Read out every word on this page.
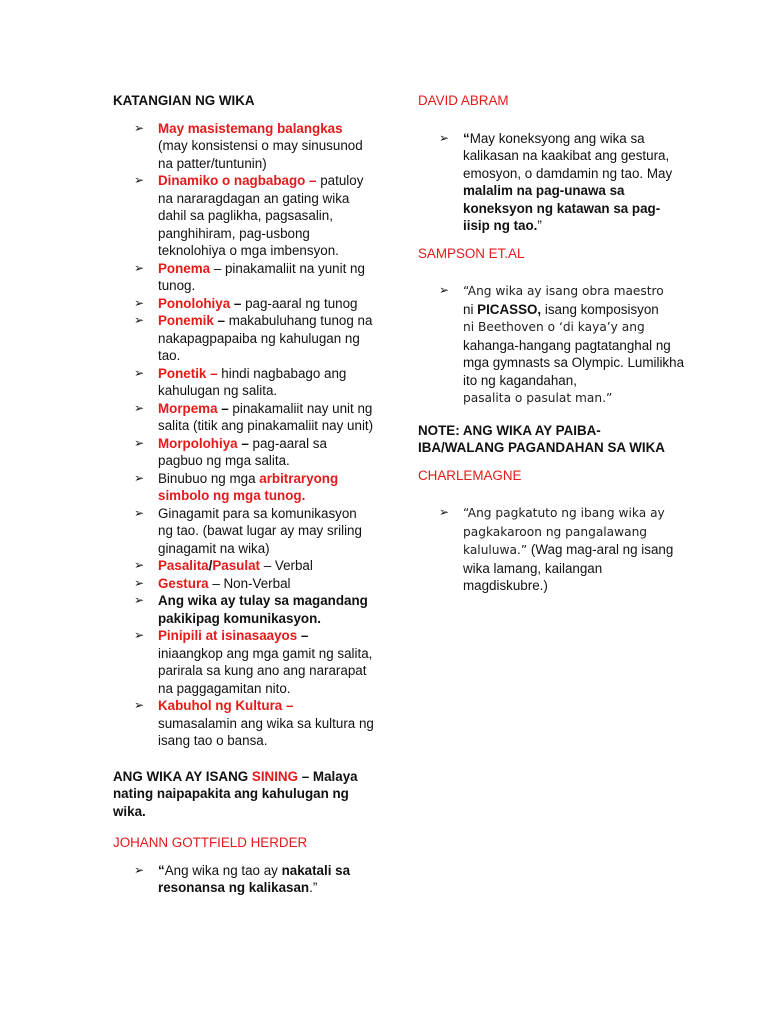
KATANGIAN NG WIKA
➢ May masistemang balangkas (may konsistensi o may sinusunod na patter/tuntunin)
➢ Dinamiko o nagbabago – patuloy na nararagdagan an gating wika dahil sa paglikha, pagsasalin, panghihiram, pag-usbong teknolohiya o mga imbensyon.
➢ Ponema – pinakamaliit na yunit ng tunog.
➢ Ponolohiya – pag-aaral ng tunog
➢ Ponemik – makabuluhang tunog na nakapagpapaiba ng kahulugan ng tao.
➢ Ponetik – hindi nagbabago ang kahulugan ng salita.
➢ Morpema – pinakamaliit nay unit ng salita (titik ang pinakamaliit nay unit)
➢ Morpolohiya – pag-aaral sa pagbuo ng mga salita.
➢ Binubuo ng mga arbitraryong simbolo ng mga tunog.
➢ Ginagamit para sa komunikasyon ng tao. (bawat lugar ay may sriling ginagamit na wika)
➢ Pasalita/Pasulat – Verbal
➢ Gestura – Non-Verbal
➢ Ang wika ay tulay sa magandang pakikipag komunikasyon.
➢ Pinipili at isinasaayos – iniaangkop ang mga gamit ng salita, parirala sa kung ano ang nararapat na paggagamitan nito.
➢ Kabuhol ng Kultura – sumasalamin ang wika sa kultura ng isang tao o bansa.
ANG WIKA AY ISANG SINING – Malaya nating naipapakita ang kahulugan ng wika.
JOHANN GOTTFIELD HERDER
➢ “Ang wika ng tao ay nakatali sa resonansa ng kalikasan.”
DAVID ABRAM
➢ “May koneksyong ang wika sa kalikasan na kaakibat ang gestura, emosyon, o damdamin ng tao. May malalim na pag-unawa sa koneksyon ng katawan sa pag-iisip ng tao.”
SAMPSON ET.AL
➢ “Ang wika ay isang obra maestro
ni PICASSO, isang komposisyon
ni Beethoven o ‘di kaya’y ang
kahanga-hangang pagtatanghal ng mga gymnasts sa Olympic. Lumilikha ito ng kagandahan,
pasalita o pasulat man.”
NOTE: ANG WIKA AY PAIBA-IBA/WALANG PAGANDAHAN SA WIKA
CHARLEMAGNE
➢ “Ang pagkatuto ng ibang wika ay
pagkakaroon ng pangalawang
kaluluwa.” (Wag mag-aral ng isang wika lamang, kailangan magdiskubre.)
